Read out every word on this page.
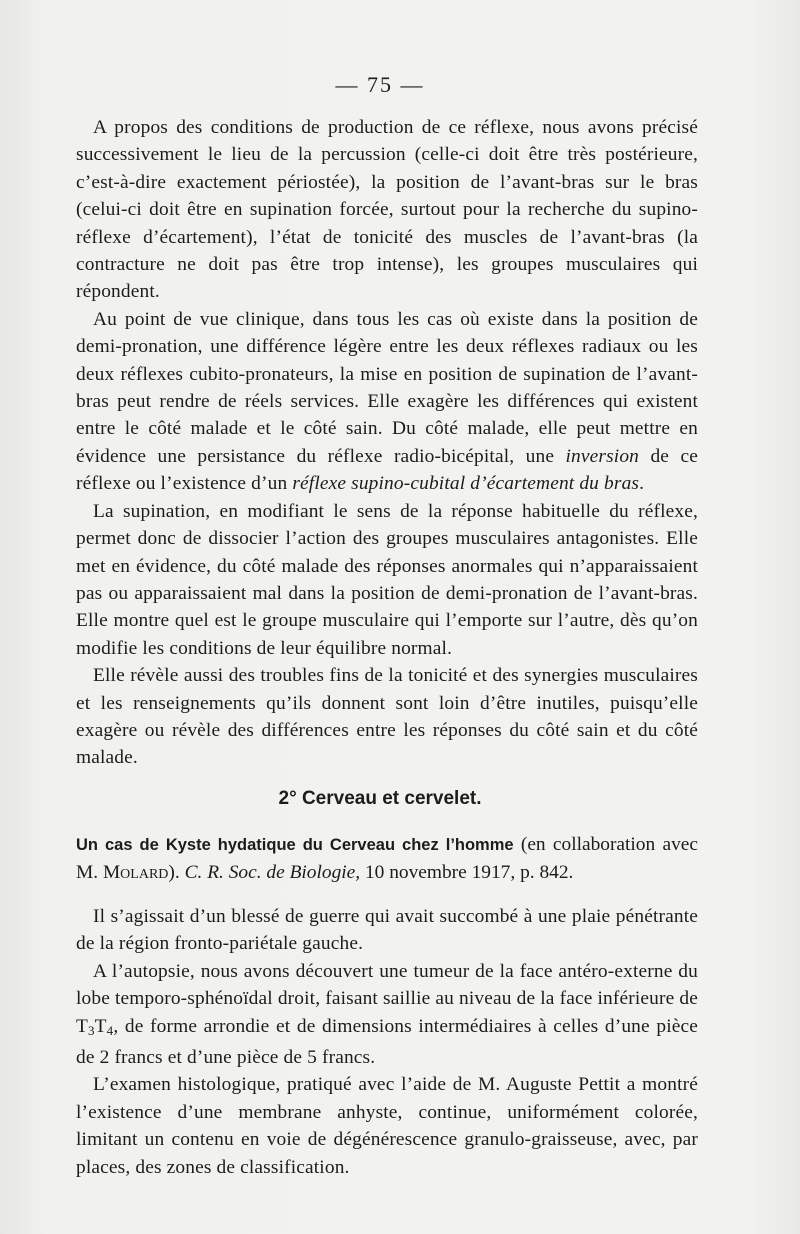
— 75 —

A propos des conditions de production de ce réflexe, nous avons précisé successivement le lieu de la percussion (celle-ci doit être très postérieure, c’est-à-dire exactement périostée), la position de l’avant-bras sur le bras (celui-ci doit être en supination forcée, surtout pour la recherche du supino-réflexe d’écartement), l’état de tonicité des muscles de l’avant-bras (la contracture ne doit pas être trop intense), les groupes musculaires qui répondent.

Au point de vue clinique, dans tous les cas où existe dans la position de demi-pronation, une différence légère entre les deux réflexes radiaux ou les deux réflexes cubito-pronateurs, la mise en position de supination de l’avant-bras peut rendre de réels services. Elle exagère les différences qui existent entre le côté malade et le côté sain. Du côté malade, elle peut mettre en évidence une persistance du réflexe radio-bicépital, une inversion de ce réflexe ou l’existence d’un réflexe supino-cubital d’écartement du bras.

La supination, en modifiant le sens de la réponse habituelle du réflexe, permet donc de dissocier l’action des groupes musculaires antagonistes. Elle met en évidence, du côté malade des réponses anormales qui n’apparaissaient pas ou apparaissaient mal dans la position de demi-pronation de l’avant-bras. Elle montre quel est le groupe musculaire qui l’emporte sur l’autre, dès qu’on modifie les conditions de leur équilibre normal.

Elle révèle aussi des troubles fins de la tonicité et des synergies musculaires et les renseignements qu’ils donnent sont loin d’être inutiles, puisqu’elle exagère ou révèle des différences entre les réponses du côté sain et du côté malade.

2° Cerveau et cervelet.
Un cas de Kyste hydatique du Cerveau chez l’homme (en collaboration avec M. Molard). C. R. Soc. de Biologie, 10 novembre 1917, p. 842.

Il s’agissait d’un blessé de guerre qui avait succombé à une plaie pénétrante de la région fronto-pariétale gauche.

A l’autopsie, nous avons découvert une tumeur de la face antéro-externe du lobe temporo-sphénoïdal droit, faisant saillie au niveau de la face inférieure de $T_3T_4$, de forme arrondie et de dimensions intermédiaires à celles d’une pièce de 2 francs et d’une pièce de 5 francs.

L’examen histologique, pratiqué avec l’aide de M. Auguste Pettit a montré l’existence d’une membrane anhyste, continue, uniformément colorée, limitant un contenu en voie de dégénérescence granulo-graisseuse, avec, par places, des zones de classification.
